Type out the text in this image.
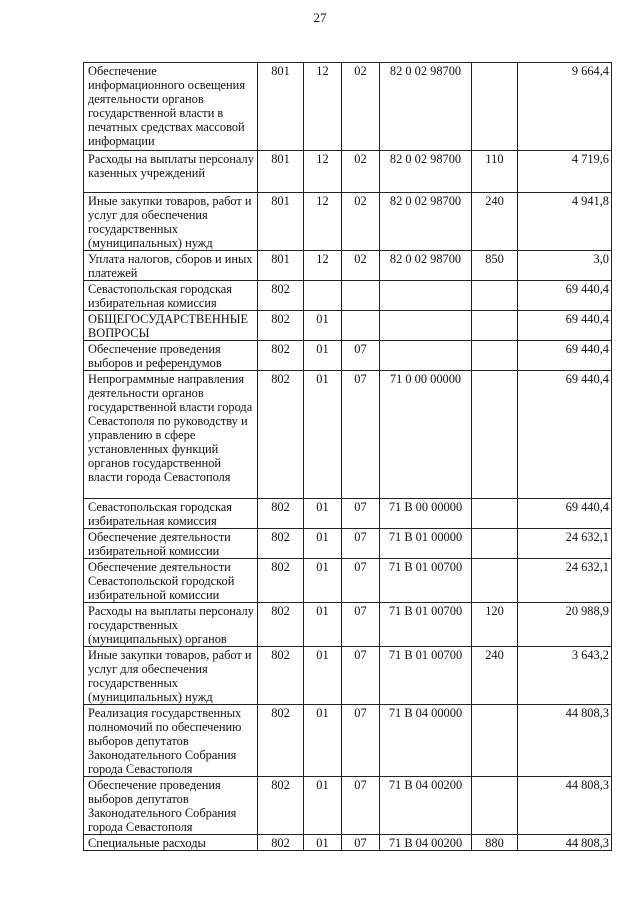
27
Обеспечение информационного освещения деятельности органов государственной власти в печатных средствах массовой информации	801	12	02	82 0 02 98700		9 664,4
Расходы на выплаты персоналу казенных учреждений	801	12	02	82 0 02 98700	110	4 719,6
Иные закупки товаров, работ и услуг для обеспечения государственных (муниципальных) нужд	801	12	02	82 0 02 98700	240	4 941,8
Уплата налогов, сборов и иных платежей	801	12	02	82 0 02 98700	850	3,0
Севастопольская городская избирательная комиссия	802					69 440,4
ОБЩЕГОСУДАРСТВЕННЫЕ ВОПРОСЫ	802	01				69 440,4
Обеспечение проведения выборов и референдумов	802	01	07			69 440,4
Непрограммные направления деятельности органов государственной власти города Севастополя по руководству и управлению в сфере установленных функций органов государственной власти города Севастополя	802	01	07	71 0 00 00000		69 440,4
Севастопольская городская избирательная комиссия	802	01	07	71 В 00 00000		69 440,4
Обеспечение деятельности избирательной комиссии	802	01	07	71 В 01 00000		24 632,1
Обеспечение деятельности Севастопольской городской избирательной комиссии	802	01	07	71 В 01 00700		24 632,1
Расходы на выплаты персоналу государственных (муниципальных) органов	802	01	07	71 В 01 00700	120	20 988,9
Иные закупки товаров, работ и услуг для обеспечения государственных (муниципальных) нужд	802	01	07	71 В 01 00700	240	3 643,2
Реализация государственных полномочий по обеспечению выборов депутатов Законодательного Собрания города Севастополя	802	01	07	71 В 04 00000		44 808,3
Обеспечение проведения выборов депутатов Законодательного Собрания города Севастополя	802	01	07	71 В 04 00200		44 808,3
Специальные расходы	802	01	07	71 В 04 00200	880	44 808,3
